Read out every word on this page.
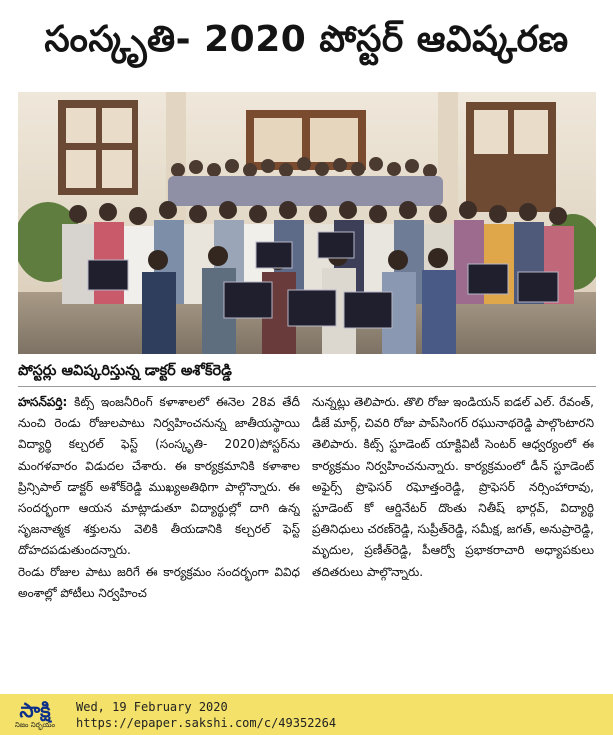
సంస్కృతి- 2020 పోస్టర్ ఆవిష్కరణ
పోస్టర్లు ఆవిష్కరిస్తున్న డాక్టర్ అశోక్‌రెడ్డి

హసన్‌పర్తి: కిట్స్ ఇంజనీరింగ్ కళాశాలలో ఈనెల 28వ తేదీ నుంచి రెండు రోజులపాటు నిర్వహించనున్న జాతీయస్థాయి విద్యార్థి కల్చరల్ ఫెస్ట్ (సంస్కృతి- 2020)పోస్టర్‌ను మంగళవారం విడుదల చేశారు. ఈ కార్యక్రమానికి కళాశాల ప్రిన్సిపాల్ డాక్టర్ అశోక్‌రెడ్డి ముఖ్యఅతిథిగా పాల్గొన్నారు. ఈ సందర్భంగా ఆయన మాట్లాడుతూ విద్యార్థుల్లో దాగి ఉన్న సృజనాత్మక శక్తులను వెలికి తీయడానికి కల్చరల్ ఫెస్ట్ దోహదపడుతుందన్నారు.

రెండు రోజుల పాటు జరిగే ఈ కార్యక్రమం సందర్భంగా వివిధ అంశాల్లో పోటీలు నిర్వహించ

నున్నట్లు తెలిపారు. తొలి రోజు ఇండియన్ ఐడల్ ఎల్. రేవంత్, డీజే మార్గ్, చివరి రోజు పాప్‌సింగర్ రఘునాథరెడ్డి పాల్గొంటారని తెలిపారు. కిట్స్ స్టూడెంట్ యాక్టివిటీ సెంటర్ ఆధ్వర్యంలో ఈ కార్యక్రమం నిర్వహించనున్నారు. కార్యక్రమంలో డీన్ స్టూడెంట్ అఫైర్స్ ప్రొఫెసర్ రఘోత్తంరెడ్డి, ప్రొఫెసర్ నర్సింహారావు, స్టూడెంట్ కో ఆర్డినేటర్ దొంతు నితీష్ భార్గవ్, విద్యార్థి ప్రతినిధులు చరణ్‌రెడ్డి, సుప్రీత్‌రెడ్డి, సమీక్ష, జగత్, అనుప్రారెడ్డి, మృదుల, ప్రణీత్‌రెడ్డి, పీఆర్వో ప్రభాకరాచారి అధ్యాపకులు తదితరులు పాల్గొన్నారు.

సాక్షి
నిజం నిర్భయం
Wed, 19 February 2020
https://epaper.sakshi.com/c/49352264
